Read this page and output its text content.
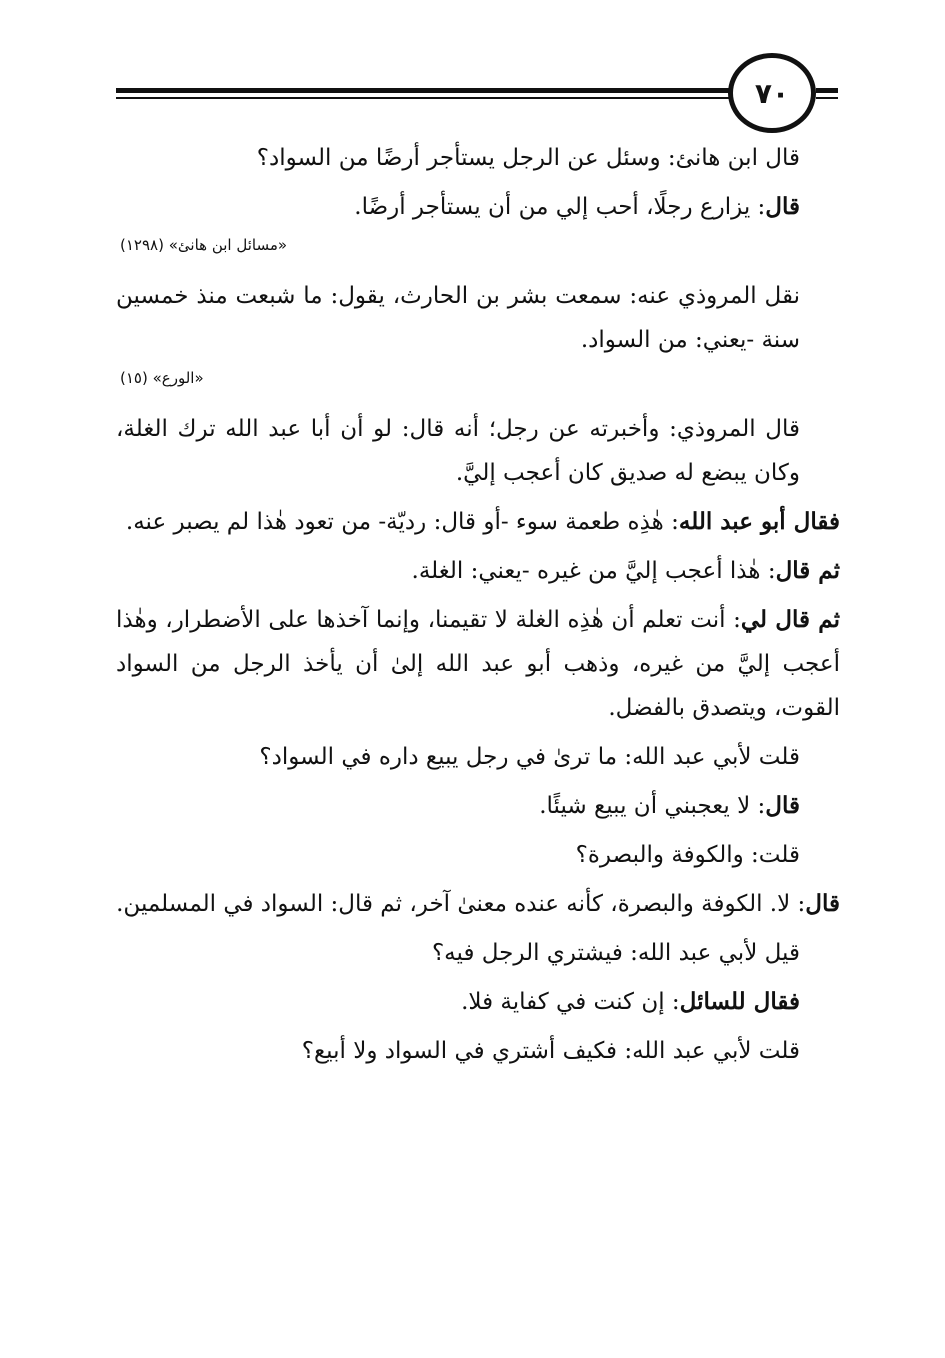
٧٠

قال ابن هانئ: وسئل عن الرجل يستأجر أرضًا من السواد؟

قال: يزارع رجلًا، أحب إلي من أن يستأجر أرضًا.

«مسائل ابن هانئ» (١٢٩٨)

نقل المروذي عنه: سمعت بشر بن الحارث، يقول: ما شبعت منذ خمسين سنة -يعني: من السواد.

«الورع» (١٥)

قال المروذي: وأخبرته عن رجل؛ أنه قال: لو أن أبا عبد الله ترك الغلة، وكان يبضع له صديق كان أعجب إليَّ.

فقال أبو عبد الله: هٰذِه طعمة سوء -أو قال: رديّة- من تعود هٰذا لم يصبر عنه.

ثم قال: هٰذا أعجب إليَّ من غيره -يعني: الغلة.

ثم قال لي: أنت تعلم أن هٰذِه الغلة لا تقيمنا، وإنما آخذها على الأضطرار، وهٰذا أعجب إليَّ من غيره، وذهب أبو عبد الله إلىٰ أن يأخذ الرجل من السواد القوت، ويتصدق بالفضل.

قلت لأبي عبد الله: ما ترىٰ في رجل يبيع داره في السواد؟

قال: لا يعجبني أن يبيع شيئًا.

قلت: والكوفة والبصرة؟

قال: لا. الكوفة والبصرة، كأنه عنده معنىٰ آخر، ثم قال: السواد في المسلمين.

قيل لأبي عبد الله: فيشتري الرجل فيه؟

فقال للسائل: إن كنت في كفاية فلا.

قلت لأبي عبد الله: فكيف أشتري في السواد ولا أبيع؟
